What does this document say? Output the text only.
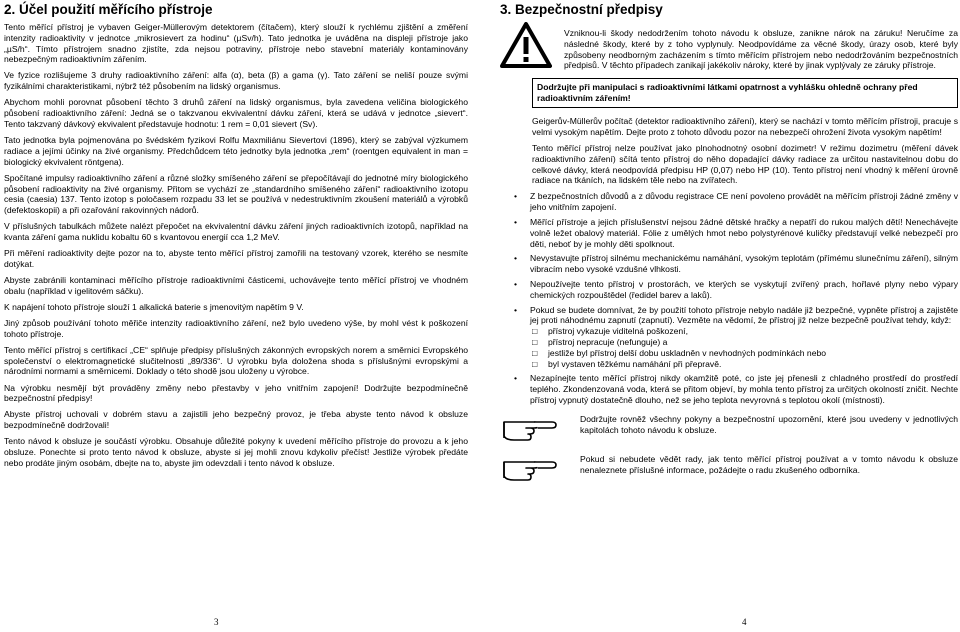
2. Účel použití měřícího přístroje

Tento měřící přístroj je vybaven Geiger-Müllerovým detektorem (čítačem), který slouží k rychlému zjištění a změření intenzity radioaktivity v jednotce „mikrosievert za hodinu“ (µSv/h). Tato jednotka je uváděna na displeji přístroje jako „µS/h“. Tímto přístrojem snadno zjistíte, zda nejsou potraviny, přístroje nebo stavební materiály kontaminovány nebezpečným radioaktivním zářením.

Ve fyzice rozlišujeme 3 druhy radioaktivního záření: alfa (α), beta (β) a gama (γ). Tato záření se neliší pouze svými fyzikálními charakteristikami, nýbrž též působením na lidský organismus.

Abychom mohli porovnat působení těchto 3 druhů záření na lidský organismus, byla zavedena veličina biologického působení radioaktivního záření: Jedná se o takzvanou ekvivalentní dávku záření, která se udává v jednotce „sievert“. Tento takzvaný dávkový ekvivalent představuje hodnotu: 1 rem = 0,01 sievert (Sv).

Tato jednotka byla pojmenována po švédském fyzikovi Rolfu Maxmiliánu Sievertovi (1896), který se zabýval výzkumem radiace a jejími účinky na živé organismy. Předchůdcem této jednotky byla jednotka „rem“ (roentgen equivalent in man = biologický ekvivalent röntgena).

Spočítané impulsy radioaktivního záření a různé složky smíšeného záření se přepočítávají do jednotné míry biologického působení radioaktivity na živé organismy. Přitom se vychází ze „standardního smíšeného záření“ radioaktivního izotopu cesia (caesia) 137. Tento izotop s poločasem rozpadu 33 let se používá v nedestruktivním zkoušení materiálů a výrobků (defektoskopii) a při ozařování rakovinných nádorů.

V příslušných tabulkách můžete nalézt přepočet na ekvivalentní dávku záření jiných radioaktivních izotopů, například na kvanta záření gama nuklidu kobaltu 60 s kvantovou energií cca 1,2 MeV.

Při měření radioaktivity dejte pozor na to, abyste tento měřící přístroj zamořili na testovaný vzorek, kterého se nesmíte dotýkat.

Abyste zabránili kontaminaci měřícího přístroje radioaktivními částicemi, uchovávejte tento měřící přístroj ve vhodném obalu (například v igelitovém sáčku).

K napájení tohoto přístroje slouží 1 alkalická baterie s jmenovitým napětím 9 V.

Jiný způsob používání tohoto měřiče intenzity radioaktivního záření, než bylo uvedeno výše, by mohl vést k poškození tohoto přístroje.

Tento měřící přístroj s certifikací „CE“ splňuje předpisy příslušných zákonných evropských norem a směrnici Evropského společenství o elektromagnetické slučitelnosti „89/336“. U výrobku byla doložena shoda s příslušnými evropskými a národními normami a směrnicemi. Doklady o této shodě jsou uloženy u výrobce.

Na výrobku nesmějí být prováděny změny nebo přestavby v jeho vnitřním zapojení! Dodržujte bezpodmínečně bezpečnostní předpisy!

Abyste přístroj uchovali v dobrém stavu a zajistili jeho bezpečný provoz, je třeba abyste tento návod k obsluze bezpodmínečně dodržovali!

Tento návod k obsluze je součástí výrobku. Obsahuje důležité pokyny k uvedení měřícího přístroje do provozu a k jeho obsluze. Ponechte si proto tento návod k obsluze, abyste si jej mohli znovu kdykoliv přečíst! Jestliže výrobek předáte nebo prodáte jiným osobám, dbejte na to, abyste jim odevzdali i tento návod k obsluze.

3
3. Bezpečnostní předpisy

Vzniknou-li škody nedodržením tohoto návodu k obsluze, zanikne nárok na záruku! Neručíme za následné škody, které by z toho vyplynuly. Neodpovídáme za věcné škody, úrazy osob, které byly způsobeny neodborným zacházením s tímto měřícím přístrojem nebo nedodržováním bezpečnostních předpisů. V těchto případech zanikají jakékoliv nároky, které by jinak vyplývaly ze záruky přístroje.

Dodržujte při manipulaci s radioaktivními látkami opatrnost a vyhlášku ohledně ochrany před radioaktivním zářením!

Geigerův-Müllerův počítač (detektor radioaktivního záření), který se nachází v tomto měřícím přístroji, pracuje s velmi vysokým napětím. Dejte proto z tohoto důvodu pozor na nebezpečí ohrožení života vysokým napětím!

Tento měřící přístroj nelze používat jako plnohodnotný osobní dozimetr! V režimu dozimetru (měření dávek radioaktivního záření) sčítá tento přístroj do něho dopadající dávky radiace za určitou nastavitelnou dobu do celkové dávky, která neodpovídá předpisu HP (0,07) nebo HP (10). Tento přístroj není vhodný k měření úrovně radiace na tkáních, na lidském těle nebo na zvířatech.

• Z bezpečnostních důvodů a z důvodu registrace CE není povoleno provádět na měřícím přístroji žádné změny v jeho vnitřním zapojení.
• Měřící přístroje a jejich příslušenství nejsou žádné dětské hračky a nepatří do rukou malých dětí! Nenechávejte volně ležet obalový materiál. Fólie z umělých hmot nebo polystyrénové kuličky představují velké nebezpečí pro děti, neboť by je mohly děti spolknout.
• Nevystavujte přístroj silnému mechanickému namáhání, vysokým teplotám (přímému slunečnímu záření), silným vibracím nebo vysoké vzdušné vlhkosti.
• Nepoužívejte tento přístroj v prostorách, ve kterých se vyskytují zvířený prach, hořlavé plyny nebo výpary chemických rozpouštědel (ředidel barev a laků).
• Pokud se budete domnívat, že by použití tohoto přístroje nebylo nadále již bezpečné, vypněte přístroj a zajistěte jej proti náhodnému zapnutí (zapnutí). Vezměte na vědomí, že přístroj již nelze bezpečně používat tehdy, když:
□ přístroj vykazuje viditelná poškození,
□ přístroj nepracuje (nefunguje) a
□ jestliže byl přístroj delší dobu uskladněn v nevhodných podmínkách nebo
□ byl vystaven těžkému namáhání při přepravě.
• Nezapínejte tento měřící přístroj nikdy okamžitě poté, co jste jej přenesli z chladného prostředí do prostředí teplého. Zkondenzovaná voda, která se přitom objeví, by mohla tento přístroj za určitých okolností zničit. Nechte přístroj vypnutý dostatečně dlouho, než se jeho teplota nevyrovná s teplotou okolí (místnosti).

Dodržujte rovněž všechny pokyny a bezpečnostní upozornění, které jsou uvedeny v jednotlivých kapitolách tohoto návodu k obsluze.

Pokud si nebudete vědět rady, jak tento měřící přístroj používat a v tomto návodu k obsluze nenaleznete příslušné informace, požádejte o radu zkušeného odborníka.

4
